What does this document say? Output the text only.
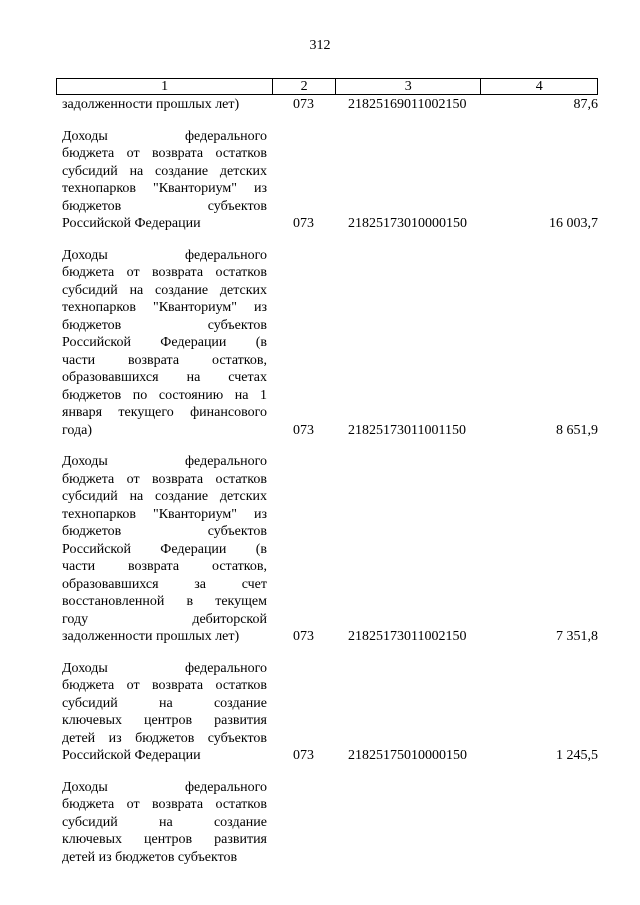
312
1	2	3	4
задолженности прошлых лет)	073	21825169011002150	87,6
Доходы федерального
бюджета от возврата остатков
субсидий на создание детских
технопарков "Кванториум" из
бюджетов субъектов
Российской Федерации	073	21825173010000150	16 003,7
Доходы федерального
бюджета от возврата остатков
субсидий на создание детских
технопарков "Кванториум" из
бюджетов субъектов
Российской Федерации (в
части возврата остатков,
образовавшихся на счетах
бюджетов по состоянию на 1
января текущего финансового
года)	073	21825173011001150	8 651,9
Доходы федерального
бюджета от возврата остатков
субсидий на создание детских
технопарков "Кванториум" из
бюджетов субъектов
Российской Федерации (в
части возврата остатков,
образовавшихся за счет
восстановленной в текущем
году дебиторской
задолженности прошлых лет)	073	21825173011002150	7 351,8
Доходы федерального
бюджета от возврата остатков
субсидий на создание
ключевых центров развития
детей из бюджетов субъектов
Российской Федерации	073	21825175010000150	1 245,5
Доходы федерального
бюджета от возврата остатков
субсидий на создание
ключевых центров развития
детей из бюджетов субъектов
